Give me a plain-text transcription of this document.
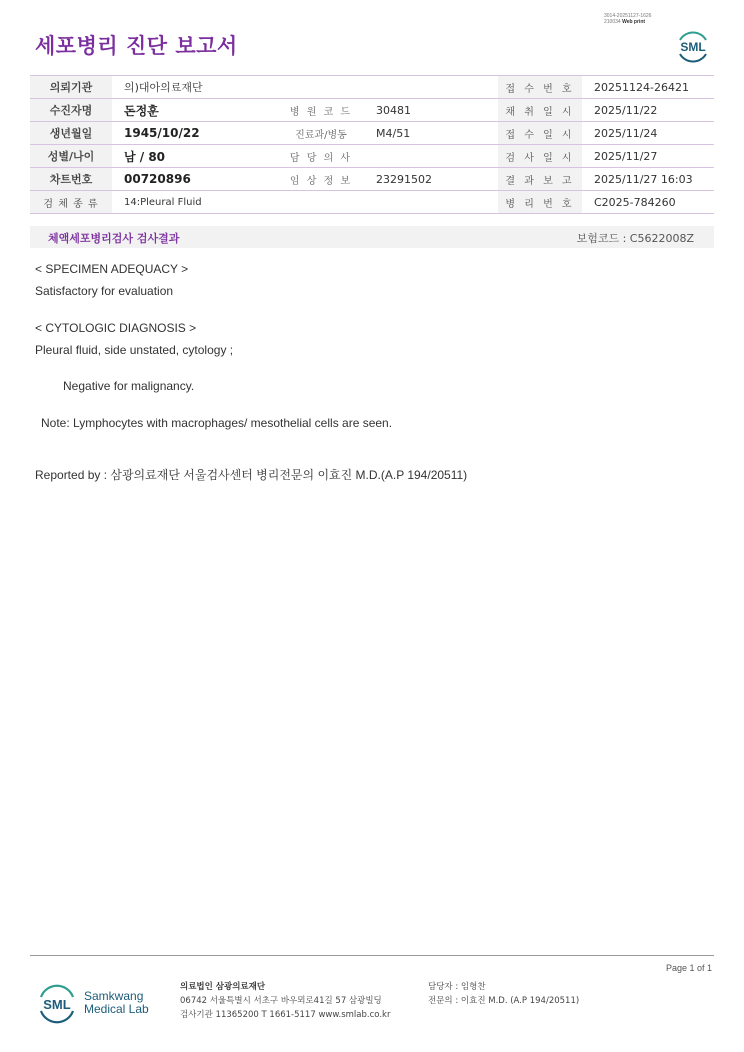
3014-20251127-1626
210034 Web print
세포병리 진단 보고서	SML
의뢰기관	의)대아의료재단			접 수 번 호	20251124-26421
수진자명	돈정훈	병 원 코 드	30481	채 취 일 시	2025/11/22
생년월일	1945/10/22	진료과/병동	M4/51	접 수 일 시	2025/11/24
성별/나이	남 / 80	담 당 의 사		검 사 일 시	2025/11/27
차트번호	00720896	임 상 정 보	23291502	결 과 보 고	2025/11/27 16:03
검 체 종 류	14:Pleural Fluid			병 리 번 호	C2025-784260
체액세포병리검사 검사결과	보험코드 : C5622008Z
< SPECIMEN ADEQUACY >
Satisfactory for evaluation
< CYTOLOGIC DIAGNOSIS >
Pleural fluid, side unstated, cytology ;
Negative for malignancy.
Note: Lymphocytes with macrophages/ mesothelial cells are seen.
Reported by : 삼광의료재단 서울검사센터 병리전문의 이효진 M.D.(A.P 194/20511)
Page 1 of 1
SML
Samkwang
Medical Lab
의료법인 삼광의료재단
06742 서울특별시 서초구 바우뫼로41길 57 삼광빌딩
검사기관 11365200 T 1661-5117 www.smlab.co.kr
담당자 : 임형찬
전문의 : 이효진 M.D. (A.P 194/20511)
